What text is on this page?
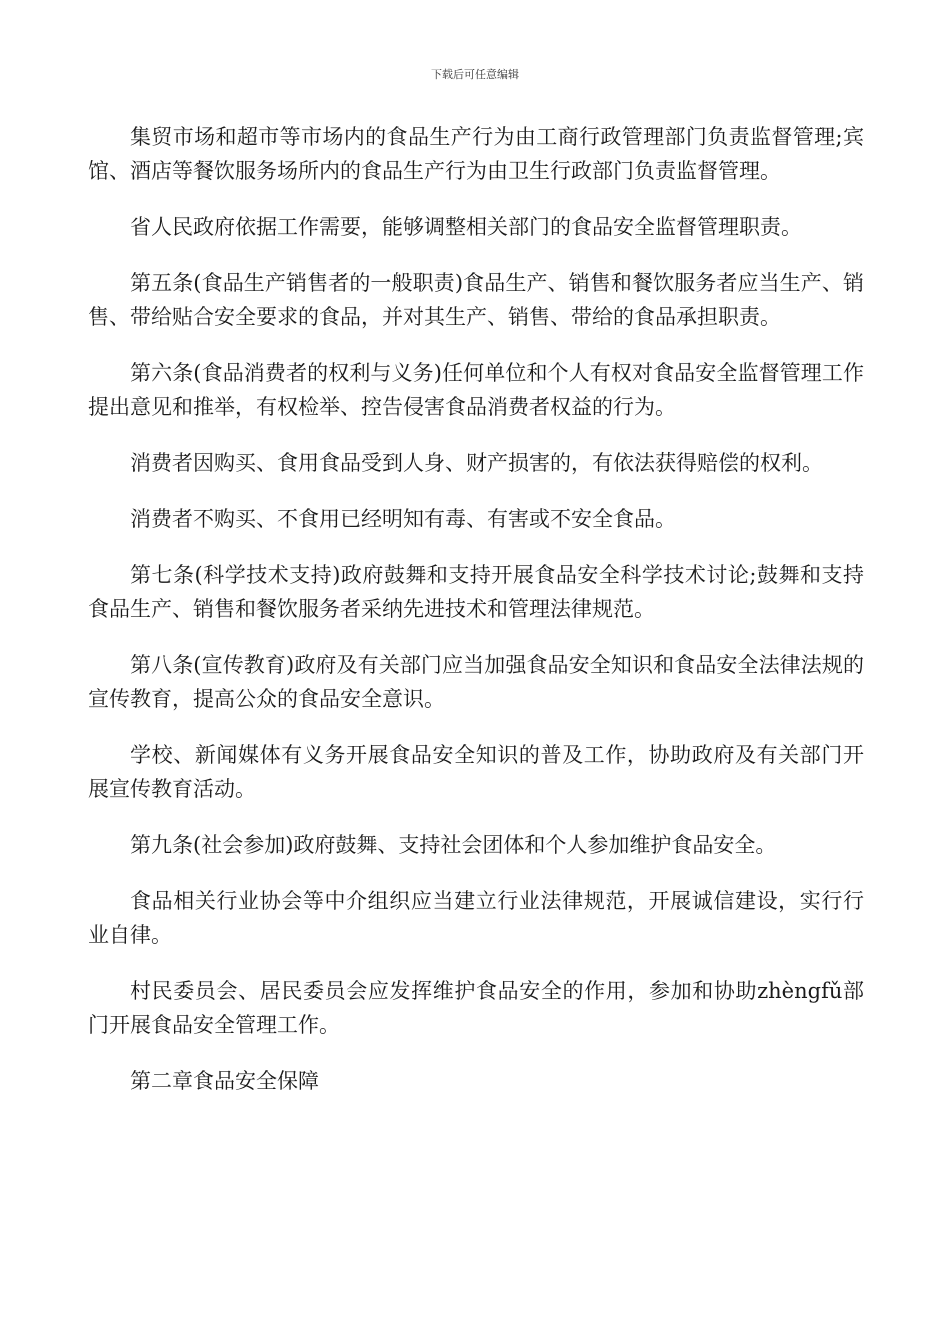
下载后可任意编辑

集贸市场和超市等市场内的食品生产行为由工商行政管理部门负责监督管理;宾馆、酒店等餐饮服务场所内的食品生产行为由卫生行政部门负责监督管理。

省人民政府依据工作需要，能够调整相关部门的食品安全监督管理职责。

第五条(食品生产销售者的一般职责)食品生产、销售和餐饮服务者应当生产、销售、带给贴合安全要求的食品，并对其生产、销售、带给的食品承担职责。

第六条(食品消费者的权利与义务)任何单位和个人有权对食品安全监督管理工作提出意见和推举，有权检举、控告侵害食品消费者权益的行为。

消费者因购买、食用食品受到人身、财产损害的，有依法获得赔偿的权利。

消费者不购买、不食用已经明知有毒、有害或不安全食品。

第七条(科学技术支持)政府鼓舞和支持开展食品安全科学技术讨论;鼓舞和支持食品生产、销售和餐饮服务者采纳先进技术和管理法律规范。

第八条(宣传教育)政府及有关部门应当加强食品安全知识和食品安全法律法规的宣传教育，提高公众的食品安全意识。

学校、新闻媒体有义务开展食品安全知识的普及工作，协助政府及有关部门开展宣传教育活动。

第九条(社会参加)政府鼓舞、支持社会团体和个人参加维护食品安全。

食品相关行业协会等中介组织应当建立行业法律规范，开展诚信建设，实行行业自律。

村民委员会、居民委员会应发挥维护食品安全的作用，参加和协助zhèngfǔ部门开展食品安全管理工作。

第二章食品安全保障
